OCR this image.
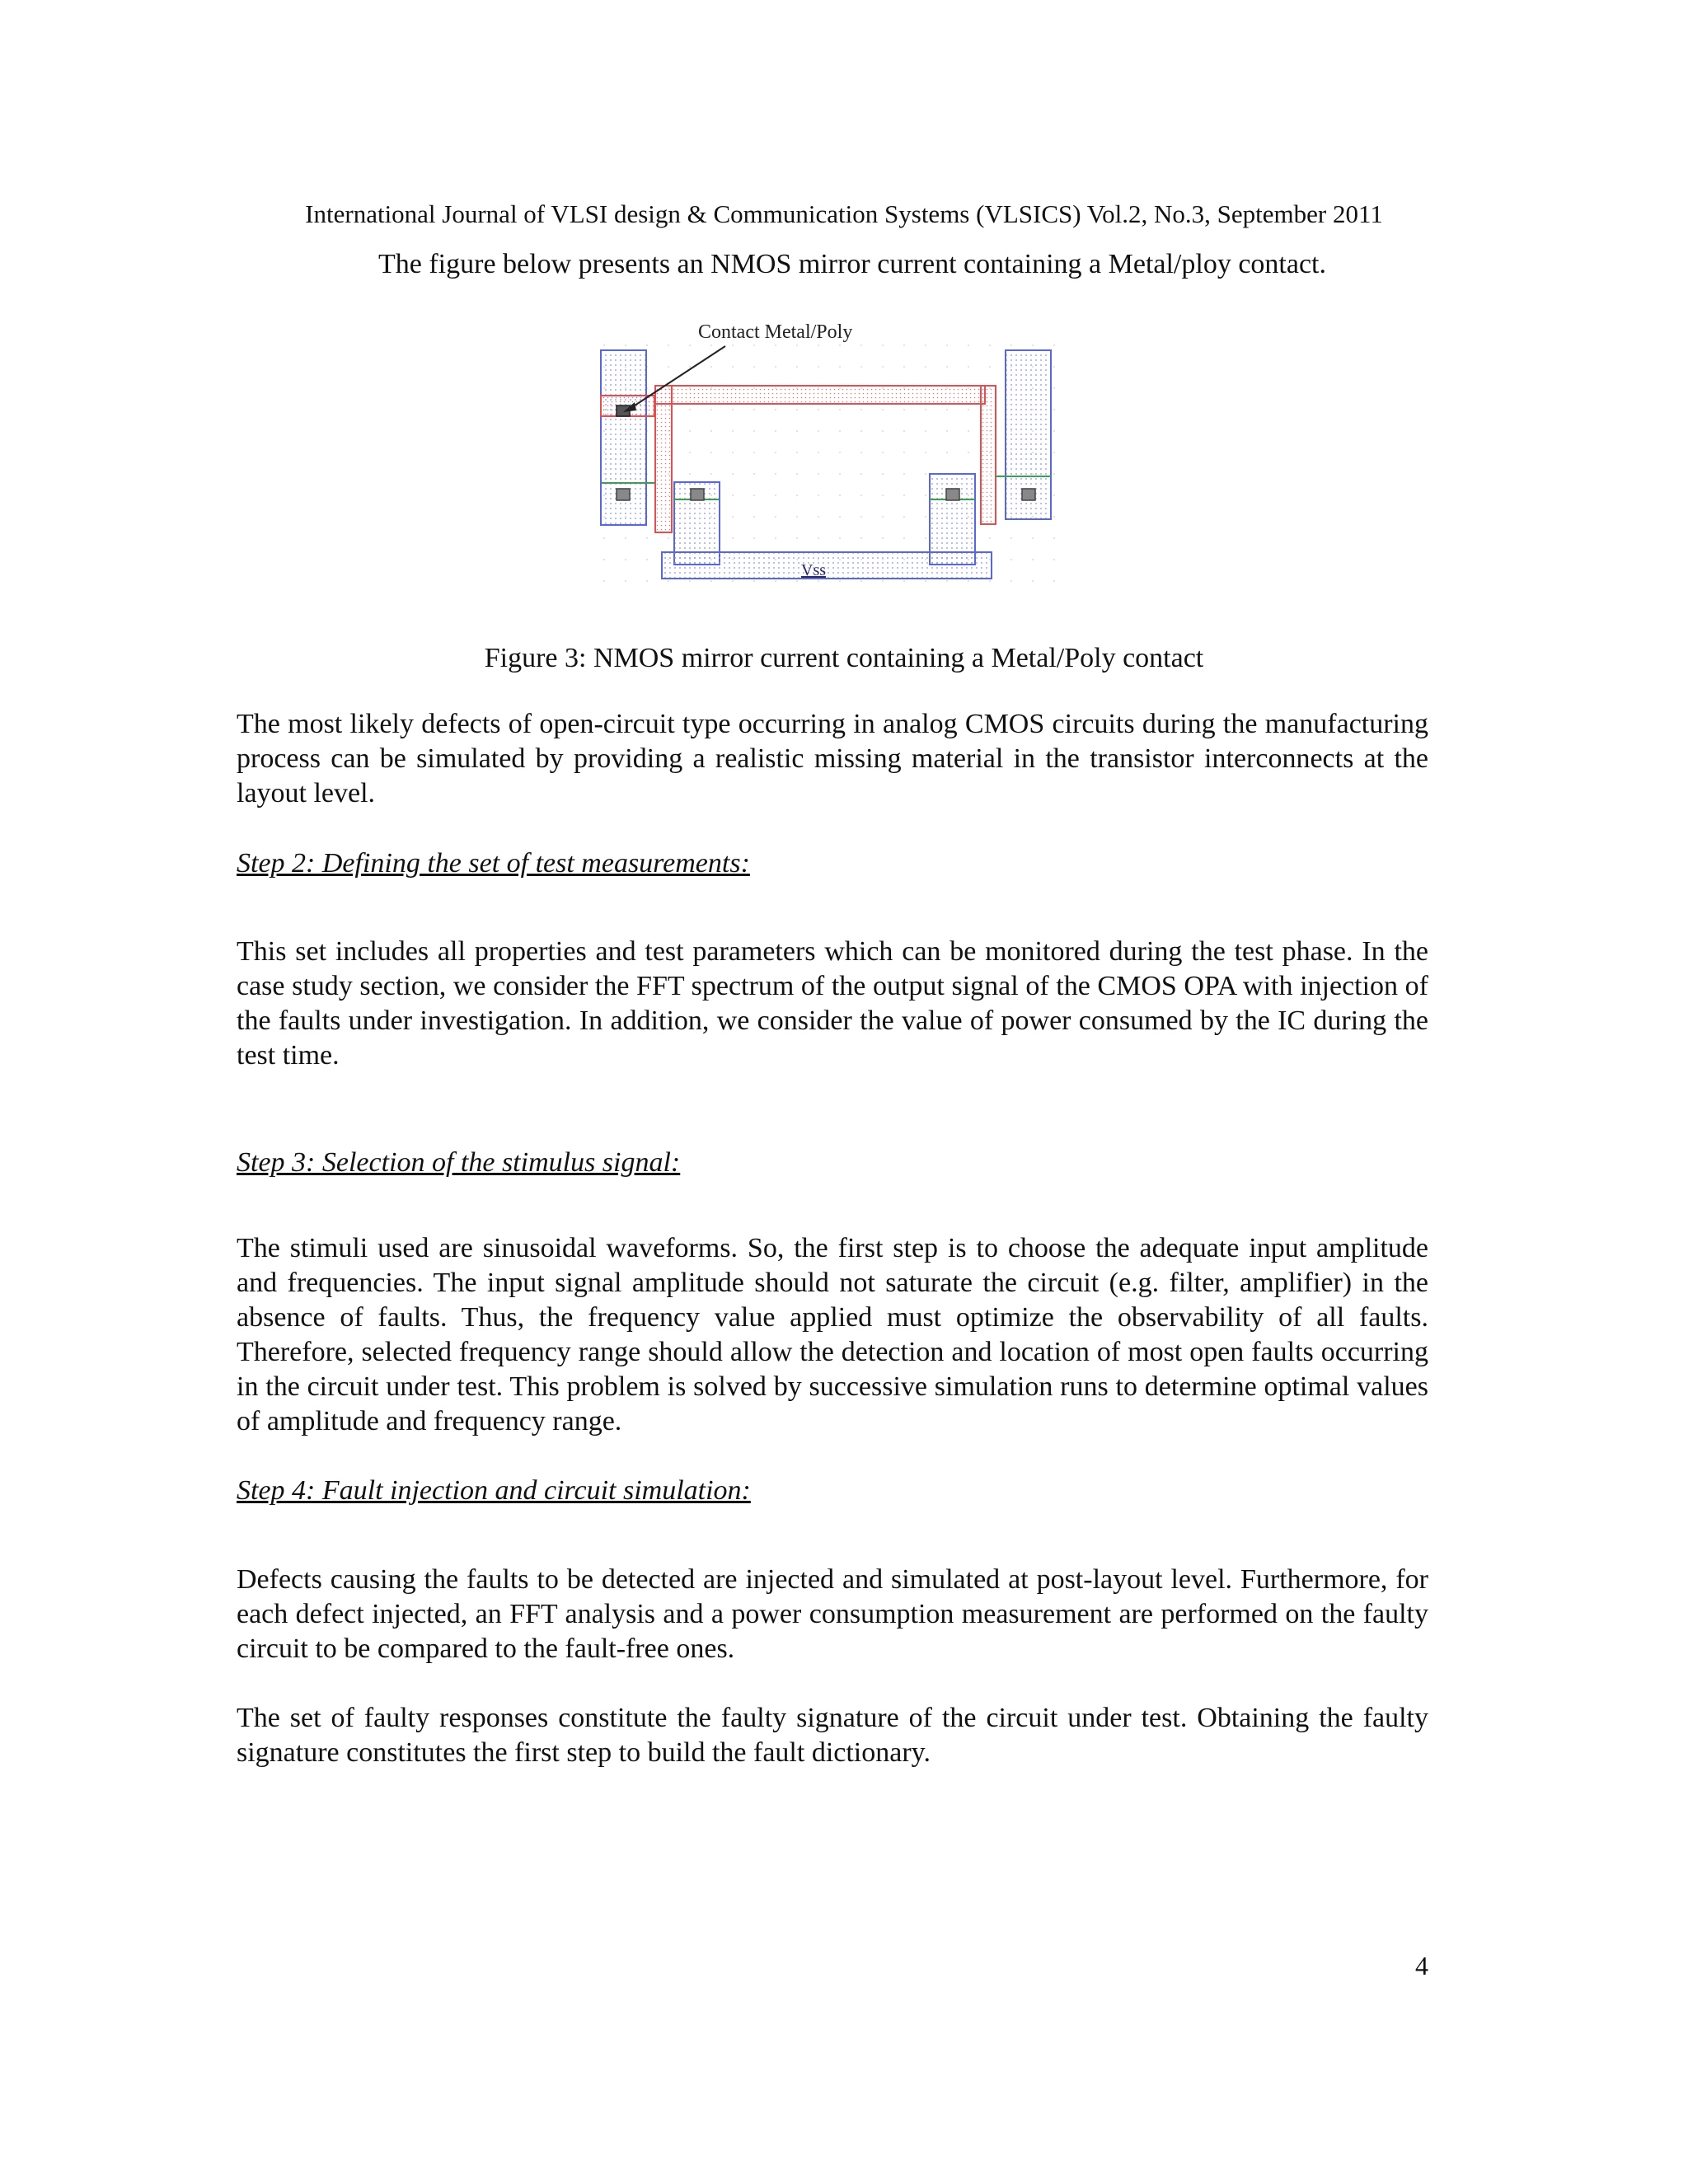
International Journal of VLSI design & Communication Systems (VLSICS) Vol.2, No.3, September 2011
The figure below presents an NMOS mirror current containing a Metal/ploy contact.
Contact Metal/Poly
Vss
Figure 3: NMOS mirror current containing a Metal/Poly contact

The most likely defects of open-circuit type occurring in analog CMOS circuits during the manufacturing process can be simulated by providing a realistic missing material in the transistor interconnects at the layout level.

Step 2: Defining the set of test measurements:

This set includes all properties and test parameters which can be monitored during the test phase. In the case study section, we consider the FFT spectrum of the output signal of the CMOS OPA with injection of the faults under investigation. In addition, we consider the value of power consumed by the IC during the test time.

Step 3: Selection of the stimulus signal:

The stimuli used are sinusoidal waveforms. So, the first step is to choose the adequate input amplitude and frequencies. The input signal amplitude should not saturate the circuit (e.g. filter, amplifier) in the absence of faults. Thus, the frequency value applied must optimize the observability of all faults. Therefore, selected frequency range should allow the detection and location of most open faults occurring in the circuit under test. This problem is solved by successive simulation runs to determine optimal values of amplitude and frequency range.

Step 4: Fault injection and circuit simulation:

Defects causing the faults to be detected are injected and simulated at post-layout level. Furthermore, for each defect injected, an FFT analysis and a power consumption measurement are performed on the faulty circuit to be compared to the fault-free ones.

The set of faulty responses constitute the faulty signature of the circuit under test. Obtaining the faulty signature constitutes the first step to build the fault dictionary.

4
